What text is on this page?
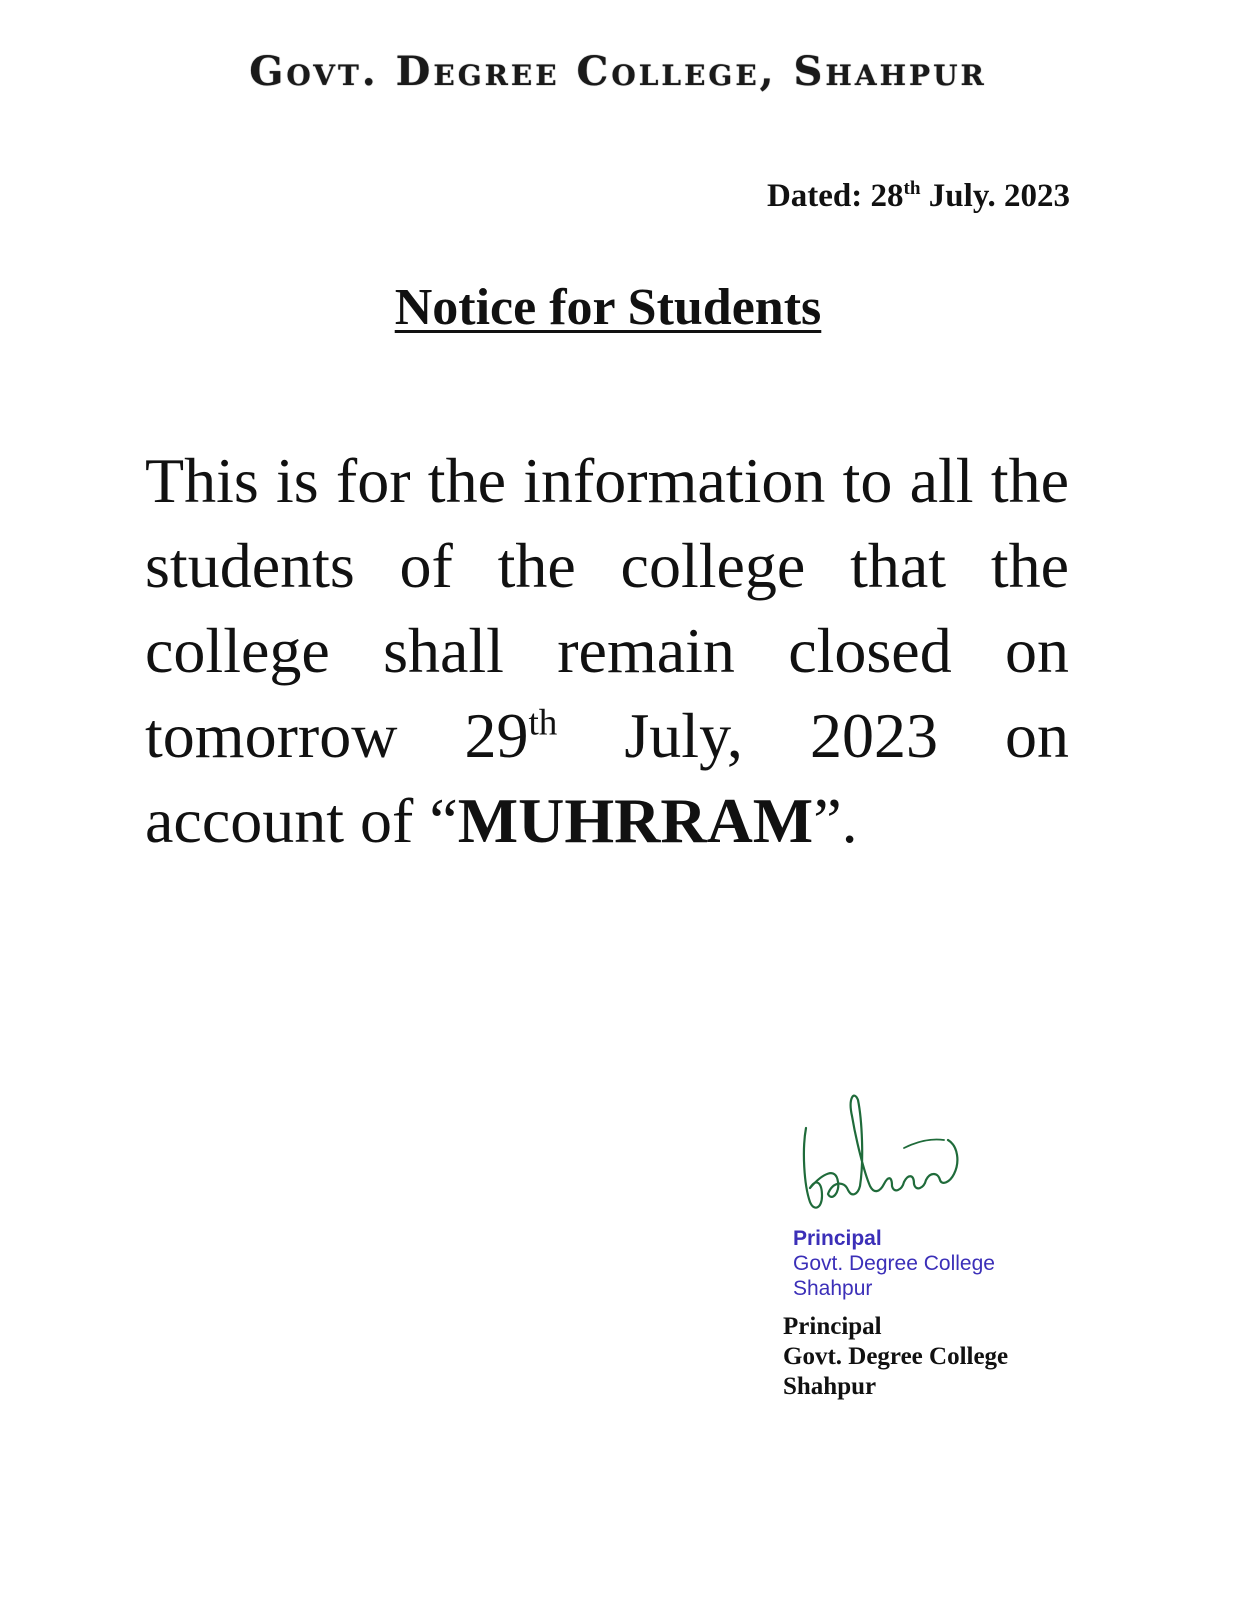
Govt. Degree College, Shahpur
Dated: 28th July. 2023
Notice for Students
This is for the information to all the students of the college that the college shall remain closed on tomorrow 29th July, 2023 on account of “MUHRRAM”.
Principal
Govt. Degree College
Shahpur
Principal
Govt. Degree College
Shahpur
